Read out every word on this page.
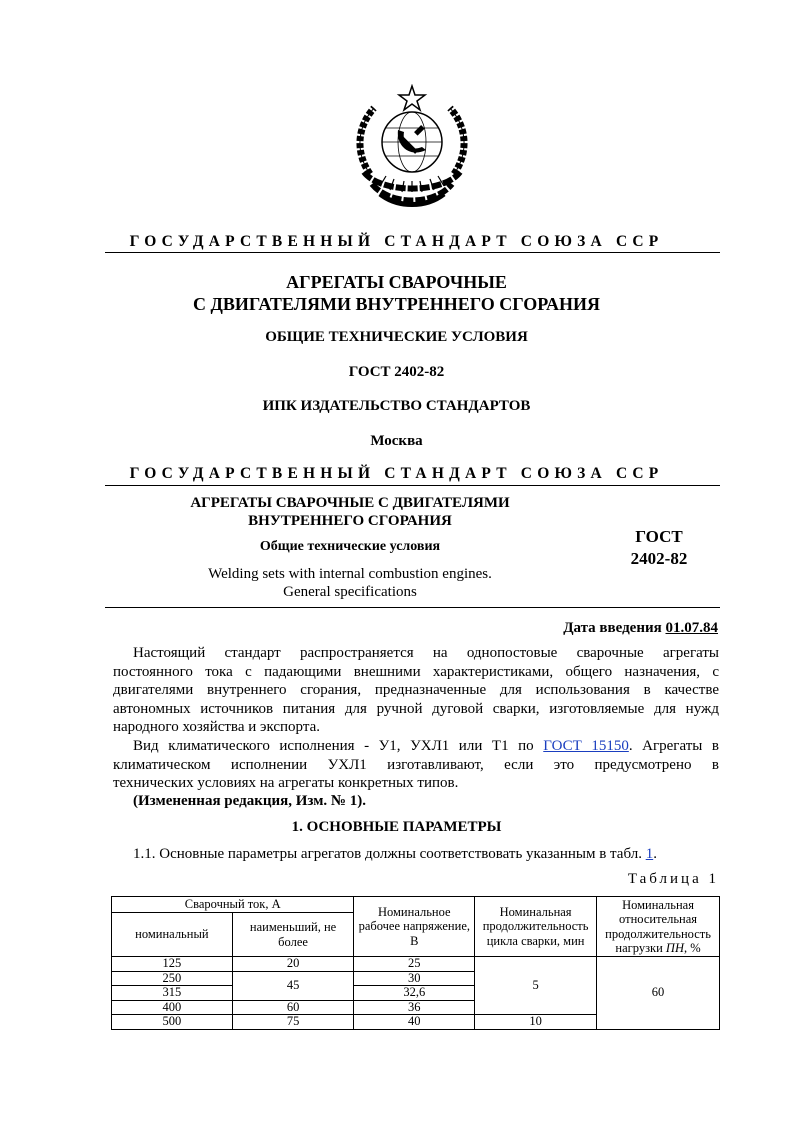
ГОСУДАРСТВЕННЫЙ СТАНДАРТ СОЮЗА ССР
АГРЕГАТЫ СВАРОЧНЫЕ
С ДВИГАТЕЛЯМИ ВНУТРЕННЕГО СГОРАНИЯ
ОБЩИЕ ТЕХНИЧЕСКИЕ УСЛОВИЯ
ГОСТ 2402-82
ИПК ИЗДАТЕЛЬСТВО СТАНДАРТОВ
Москва
ГОСУДАРСТВЕННЫЙ СТАНДАРТ СОЮЗА ССР
АГРЕГАТЫ СВАРОЧНЫЕ С ДВИГАТЕЛЯМИ
ВНУТРЕННЕГО СГОРАНИЯ
Общие технические условия
Welding sets with internal combustion engines.
General specifications
ГОСТ
2402-82
Дата введения 01.07.84
Настоящий стандарт распространяется на однопостовые сварочные агрегаты
постоянного тока с падающими внешними характеристиками, общего назначения, с
двигателями внутреннего сгорания, предназначенные для использования в качестве
автономных источников питания для ручной дуговой сварки, изготовляемые для нужд
народного хозяйства и экспорта.
Вид климатического исполнения - У1, УХЛ1 или Т1 по ГОСТ 15150. Агрегаты в
климатическом исполнении УХЛ1 изготавливают, если это предусмотрено в
технических условиях на агрегаты конкретных типов.
(Измененная редакция, Изм. № 1).
1. ОСНОВНЫЕ ПАРАМЕТРЫ
1.1. Основные параметры агрегатов должны соответствовать указанным в табл. 1.
Таблица 1
Сварочный ток, А		Номинальное рабочее напряжение, В	Номинальная продолжительность цикла сварки, мин	Номинальная относительная продолжительность нагрузки ПН, %
номинальный	наименьший, не более			
125	20	25	5	60
250	45	30		
315		32,6		
400	60	36		
500	75	40	10	
